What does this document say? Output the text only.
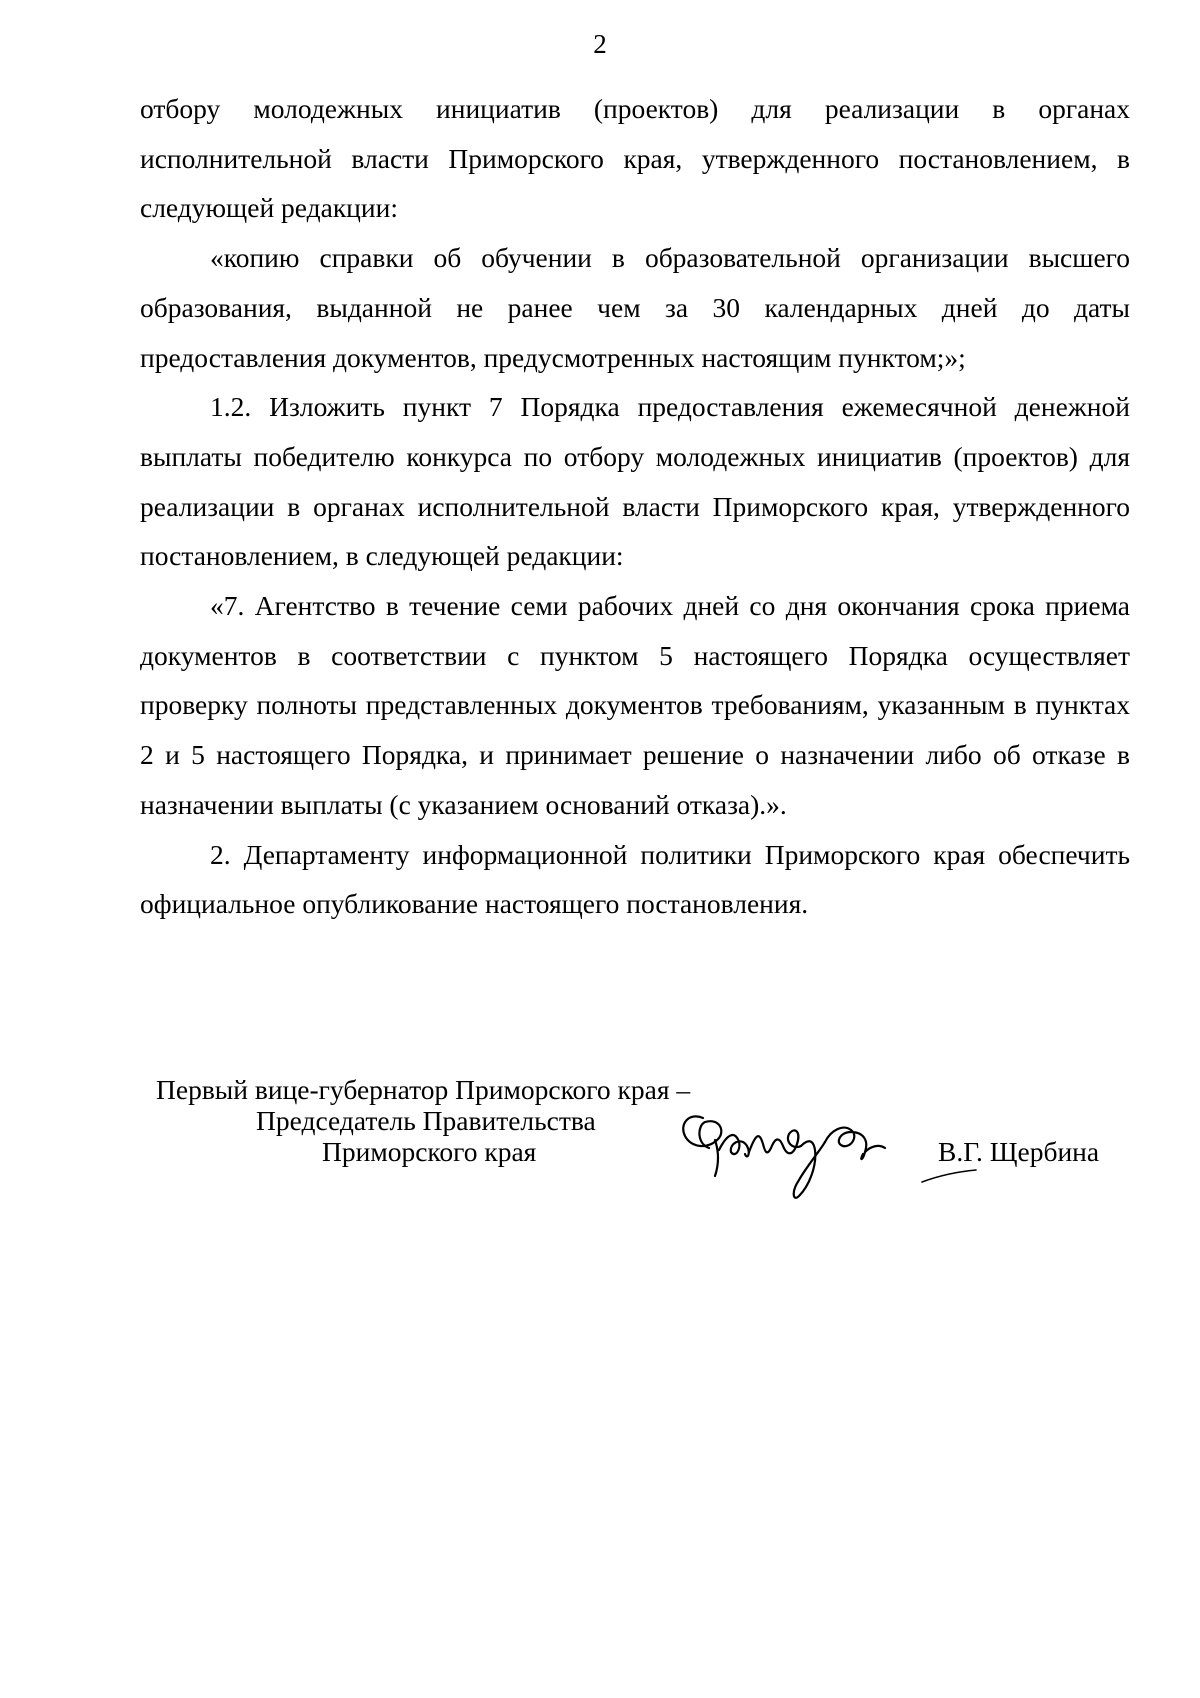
2

отбору молодежных инициатив (проектов) для реализации в органах исполнительной власти Приморского края, утвержденного постановлением, в следующей редакции:

«копию справки об обучении в образовательной организации высшего образования, выданной не ранее чем за 30 календарных дней до даты предоставления документов, предусмотренных настоящим пунктом;»;

1.2. Изложить пункт 7 Порядка предоставления ежемесячной денежной выплаты победителю конкурса по отбору молодежных инициатив (проектов) для реализации в органах исполнительной власти Приморского края, утвержденного постановлением, в следующей редакции:

«7. Агентство в течение семи рабочих дней со дня окончания срока приема документов в соответствии с пунктом 5 настоящего Порядка осуществляет проверку полноты представленных документов требованиям, указанным в пунктах 2 и 5 настоящего Порядка, и принимает решение о назначении либо об отказе в назначении выплаты (с указанием оснований отказа).».

2. Департаменту информационной политики Приморского края обеспечить официальное опубликование настоящего постановления.

Первый вице-губернатор Приморского края –
Председатель Правительства
Приморского края	В.Г. Щербина
